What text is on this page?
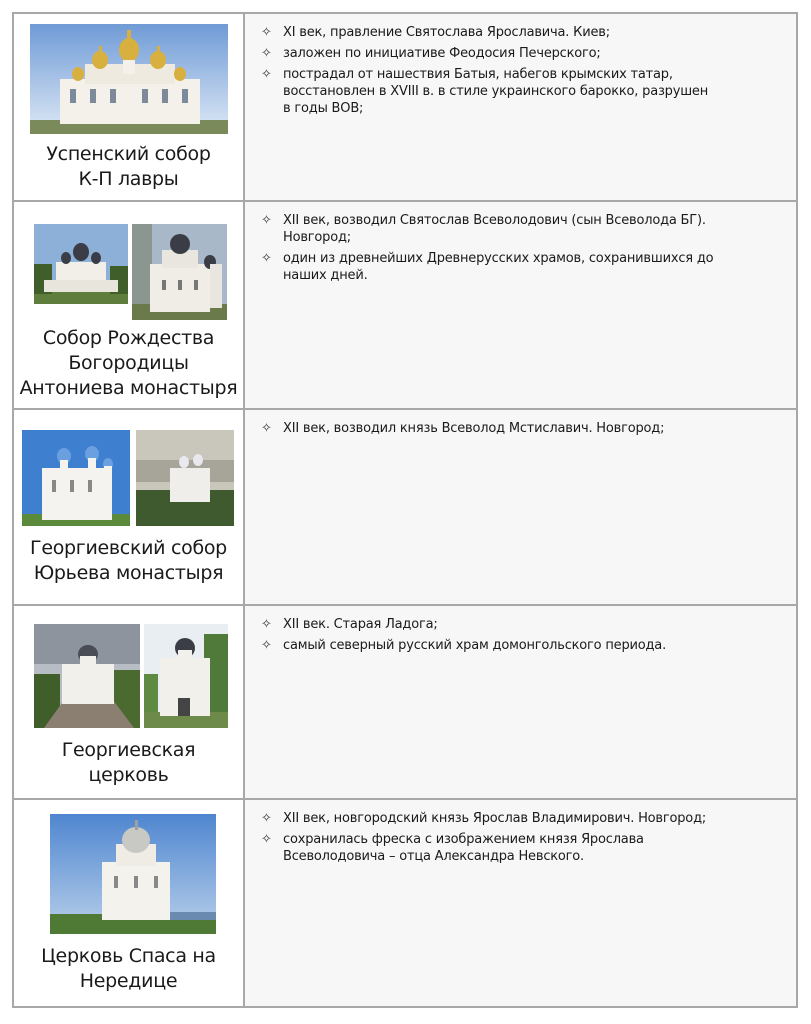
Успенский собор
К-П лавры
✧ XI век, правление Святослава Ярославича. Киев;
✧ заложен по инициативе Феодосия Печерского;
✧ пострадал от нашествия Батыя, набегов крымских татар,
восстановлен в XVIII в. в стиле украинского барокко, разрушен
в годы ВОВ;
Собор Рождества
Богородицы
Антониева монастыря
✧ XII век, возводил Святослав Всеволодович (сын Всеволода БГ).
Новгород;
✧ один из древнейших Древнерусских храмов, сохранившихся до
наших дней.
Георгиевский собор
Юрьева монастыря
✧ XII век, возводил князь Всеволод Мстиславич. Новгород;
Георгиевская
церковь
✧ XII век. Старая Ладога;
✧ самый северный русский храм домонгольского периода.
Церковь Спаса на
Нередице
✧ XII век, новгородский князь Ярослав Владимирович. Новгород;
✧ сохранилась фреска с изображением князя Ярослава
Всеволодовича – отца Александра Невского.
